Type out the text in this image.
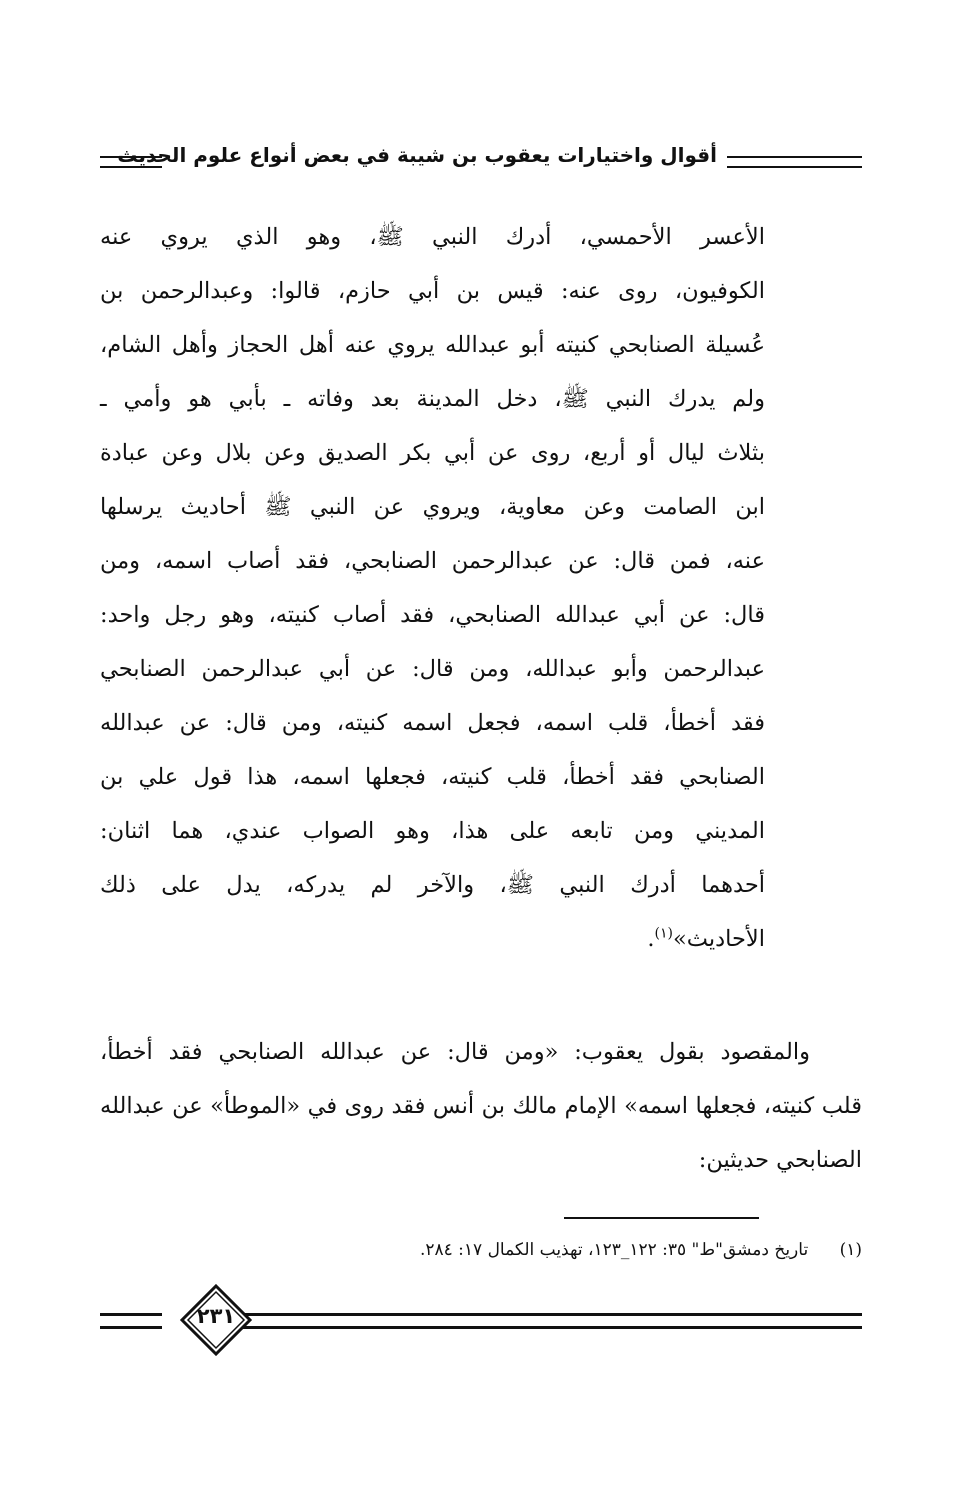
أقوال واختيارات يعقوب بن شيبة في بعض أنواع علوم الحديث
الأعسر الأحمسي، أدرك النبي ﷺ، وهو الذي يروي عنه
الكوفيون، روى عنه: قيس بن أبي حازم، قالوا: وعبدالرحمن بن
عُسيلة الصنابحي كنيته أبو عبدالله يروي عنه أهل الحجاز وأهل الشام،
ولم يدرك النبي ﷺ، دخل المدينة بعد وفاته ـ بأبي هو وأمي ـ
بثلاث ليال أو أربع، روى عن أبي بكر الصديق وعن بلال وعن عبادة
ابن الصامت وعن معاوية، ويروي عن النبي ﷺ أحاديث يرسلها
عنه، فمن قال: عن عبدالرحمن الصنابحي، فقد أصاب اسمه، ومن
قال: عن أبي عبدالله الصنابحي، فقد أصاب كنيته، وهو رجل واحد:
عبدالرحمن وأبو عبدالله، ومن قال: عن أبي عبدالرحمن الصنابحي
فقد أخطأ، قلب اسمه، فجعل اسمه كنيته، ومن قال: عن عبدالله
الصنابحي فقد أخطأ، قلب كنيته، فجعلها اسمه، هذا قول علي بن
المديني ومن تابعه على هذا، وهو الصواب عندي، هما اثنان:
أحدهما أدرك النبي ﷺ، والآخر لم يدركه، يدل على ذلك
الأحاديث»$^{(١)}$.
والمقصود بقول يعقوب: «ومن قال: عن عبدالله الصنابحي فقد أخطأ،
قلب كنيته، فجعلها اسمه» الإمام مالك بن أنس فقد روى في «الموطأ» عن عبدالله
الصنابحي حديثين:
(١) تاريخ دمشق"ط" ٣٥: ١٢٢_١٢٣، تهذيب الكمال ١٧: ٢٨٤.
٢٣١
